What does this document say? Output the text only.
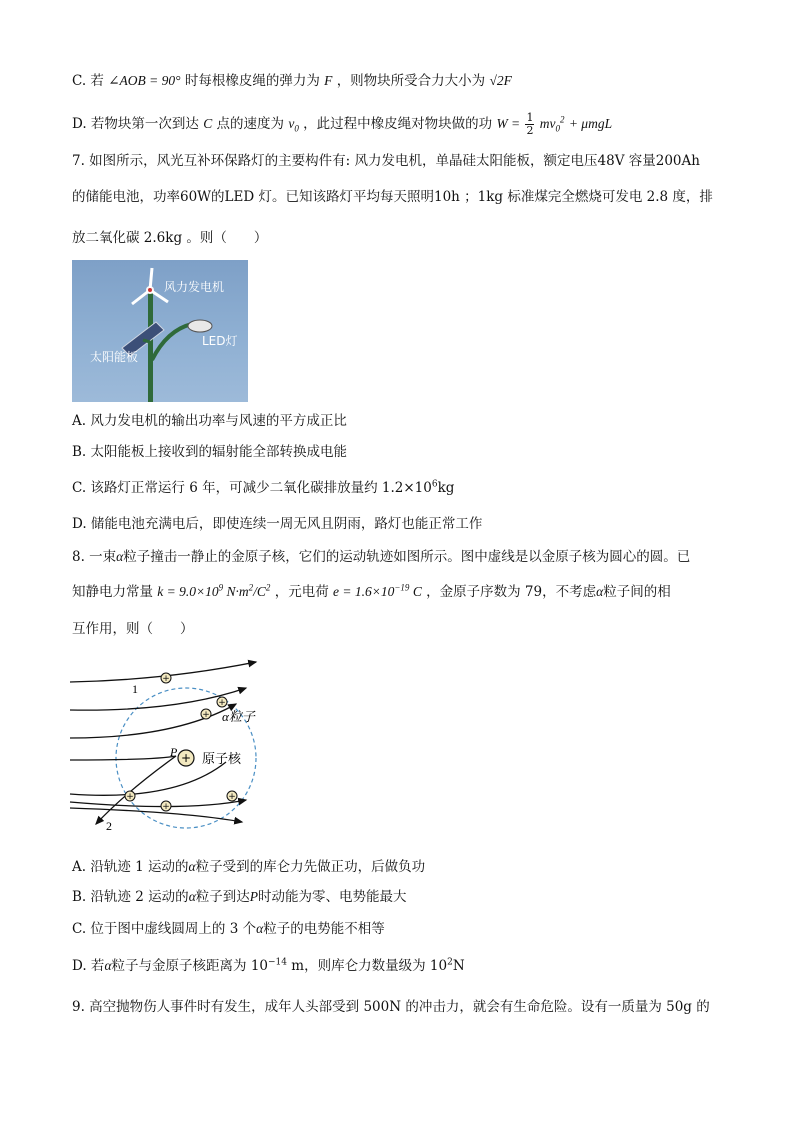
C. 若 ∠AOB = 90° 时每根橡皮绳的弹力为 F ，则物块所受合力大小为 √2F
D. 若物块第一次到达 C 点的速度为 $v_0$ ，此过程中橡皮绳对物块做的功 $W = \frac{1}{2} mv_0^2 + \mu mgL$
7. 如图所示，风光互补环保路灯的主要构件有: 风力发电机，单晶硅太阳能板，额定电压48V 容量200Ah
的储能电池，功率60W的LED 灯。已知该路灯平均每天照明10h ；1kg 标准煤完全燃烧可发电 2.8 度，排
放二氧化碳 2.6kg 。则（　　）
风力发电机
LED灯
太阳能板
A. 风力发电机的输出功率与风速的平方成正比
B. 太阳能板上接收到的辐射能全部转换成电能
C. 该路灯正常运行 6 年，可减少二氧化碳排放量约 $1.2\times 10^6kg$
D. 储能电池充满电后，即使连续一周无风且阴雨，路灯也能正常工作
8. 一束α粒子撞击一静止的金原子核，它们的运动轨迹如图所示。图中虚线是以金原子核为圆心的圆。已
知静电力常量 $k = 9.0\times 10^9$ $N\cdot m^2/C^2$ ，元电荷 $e = 1.6\times 10^{-19}$ C ，金原子序数为 79，不考虑α粒子间的相
互作用，则（　　）
+
+
+
+
+
+
+
1
2
α粒子
P 原子核
A. 沿轨迹 1 运动的α粒子受到的库仑力先做正功，后做负功
B. 沿轨迹 2 运动的α粒子到达P时动能为零、电势能最大
C. 位于图中虚线圆周上的 3 个α粒子的电势能不相等
D. 若α粒子与金原子核距离为 $10^{-14}$ m，则库仑力数量级为 $10^2N$
9. 高空抛物伤人事件时有发生，成年人头部受到 500N 的冲击力，就会有生命危险。设有一质量为 50g 的
